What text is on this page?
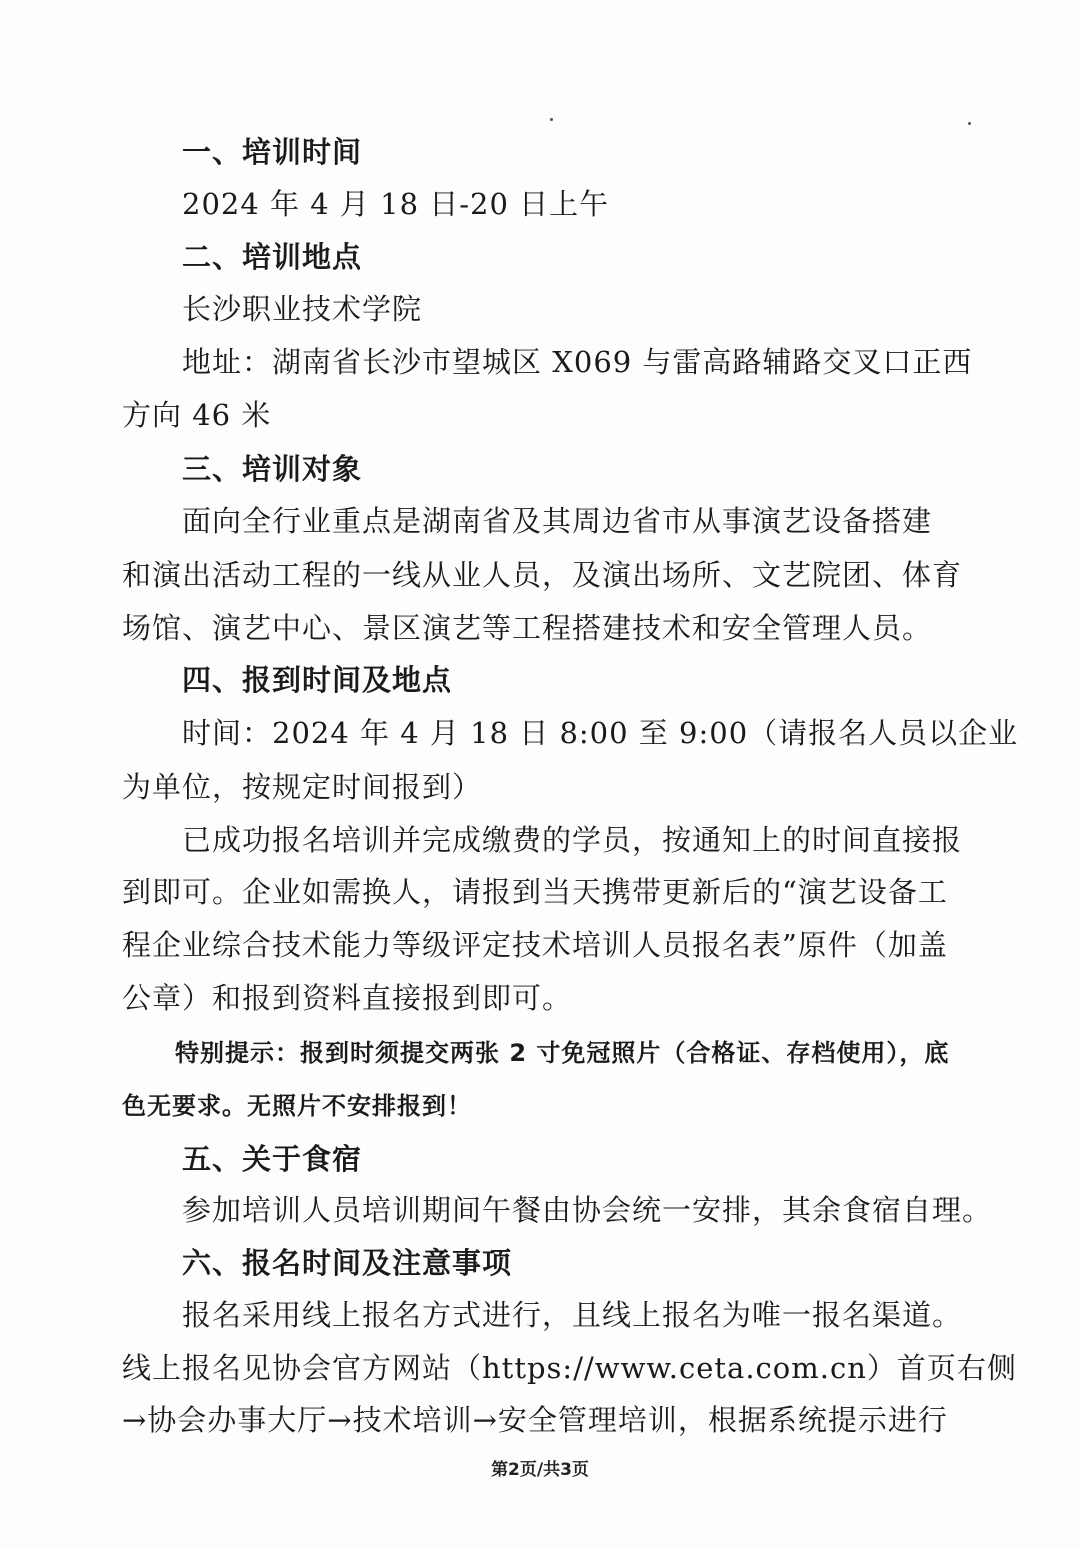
一、培训时间
2024 年 4 月 18 日-20 日上午
二、培训地点
长沙职业技术学院
地址：湖南省长沙市望城区 X069 与雷高路辅路交叉口正西
方向 46 米
三、培训对象
面向全行业重点是湖南省及其周边省市从事演艺设备搭建
和演出活动工程的一线从业人员，及演出场所、文艺院团、体育
场馆、演艺中心、景区演艺等工程搭建技术和安全管理人员。
四、报到时间及地点
时间：2024 年 4 月 18 日 8:00 至 9:00（请报名人员以企业
为单位，按规定时间报到）
已成功报名培训并完成缴费的学员，按通知上的时间直接报
到即可。企业如需换人，请报到当天携带更新后的“演艺设备工
程企业综合技术能力等级评定技术培训人员报名表”原件（加盖
公章）和报到资料直接报到即可。
特别提示：报到时须提交两张 2 寸免冠照片（合格证、存档使用），底
色无要求。无照片不安排报到！
五、关于食宿
参加培训人员培训期间午餐由协会统一安排，其余食宿自理。
六、报名时间及注意事项
报名采用线上报名方式进行，且线上报名为唯一报名渠道。
线上报名见协会官方网站（https://www.ceta.com.cn）首页右侧
→协会办事大厅→技术培训→安全管理培训，根据系统提示进行
第2页/共3页
